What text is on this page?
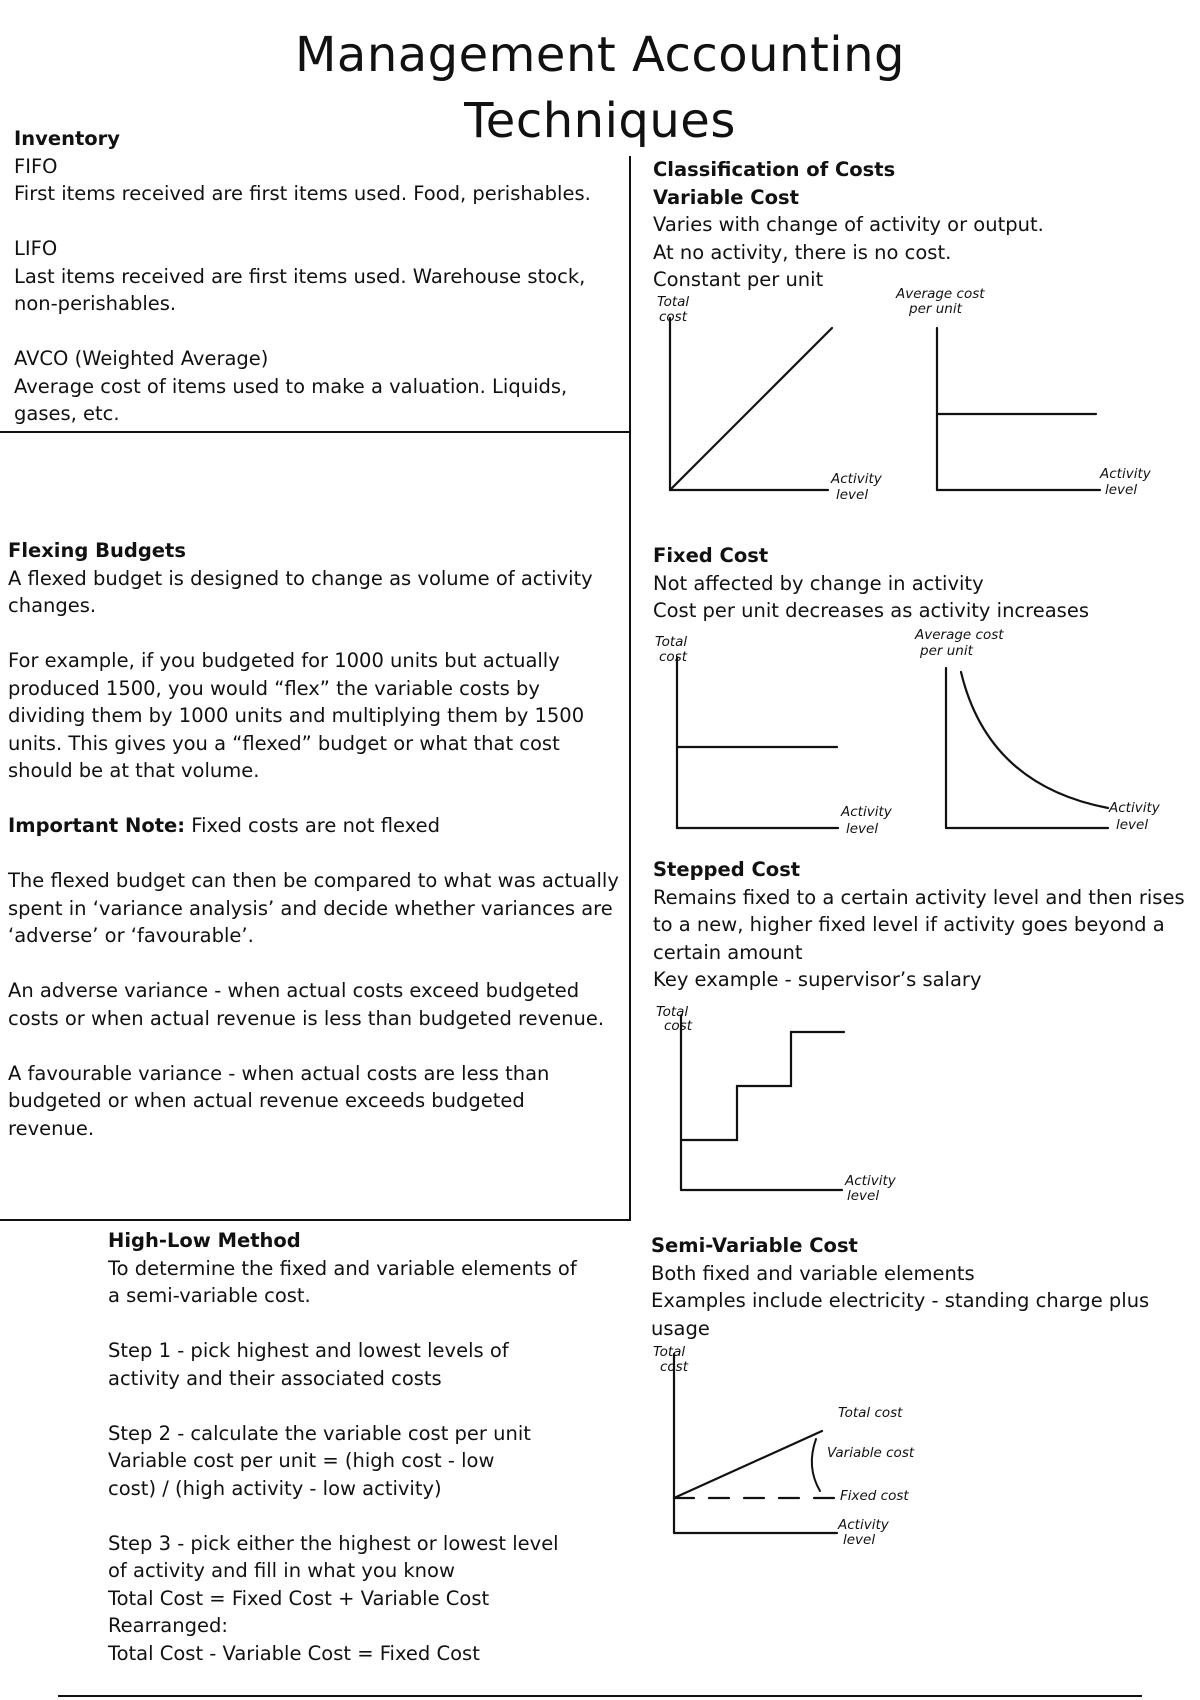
Management Accounting Techniques

Inventory

FIFO

First items received are first items used. Food, perishables.

LIFO

Last items received are first items used. Warehouse stock, non-perishables.

AVCO (Weighted Average)

Average cost of items used to make a valuation. Liquids, gases, etc.

Flexing Budgets

A flexed budget is designed to change as volume of activity changes.

For example, if you budgeted for 1000 units but actually produced 1500, you would “flex” the variable costs by dividing them by 1000 units and multiplying them by 1500 units. This gives you a “flexed” budget or what that cost should be at that volume.

Important Note: Fixed costs are not flexed

The flexed budget can then be compared to what was actually spent in ‘variance analysis’ and decide whether variances are ‘adverse’ or ‘favourable’.

An adverse variance - when actual costs exceed budgeted costs or when actual revenue is less than budgeted revenue.

A favourable variance - when actual costs are less than budgeted or when actual revenue exceeds budgeted revenue.

High-Low Method

To determine the fixed and variable elements of a semi-variable cost.

Step 1 - pick highest and lowest levels of activity and their associated costs

Step 2 - calculate the variable cost per unit

Variable cost per unit = (high cost - low cost) / (high activity - low activity)

Step 3 - pick either the highest or lowest level of activity and fill in what you know

Total Cost = Fixed Cost + Variable Cost

Rearranged:

Total Cost - Variable Cost = Fixed Cost

Classification of Costs

Variable Cost

Varies with change of activity or output.

At no activity, there is no cost.

Constant per unit

Fixed Cost

Not affected by change in activity

Cost per unit decreases as activity increases

Stepped Cost

Remains fixed to a certain activity level and then rises to a new, higher fixed level if activity goes beyond a certain amount

Key example - supervisor’s salary

Semi-Variable Cost

Both fixed and variable elements

Examples include electricity - standing charge plus usage

Total
cost
Activity
level
Average cost
per unit
Activity
level
Total
cost
Activity
level
Average cost
per unit
Activity
level
Total
cost
Activity
level
Total
cost
Total cost
Variable cost
Fixed cost
Activity
level
